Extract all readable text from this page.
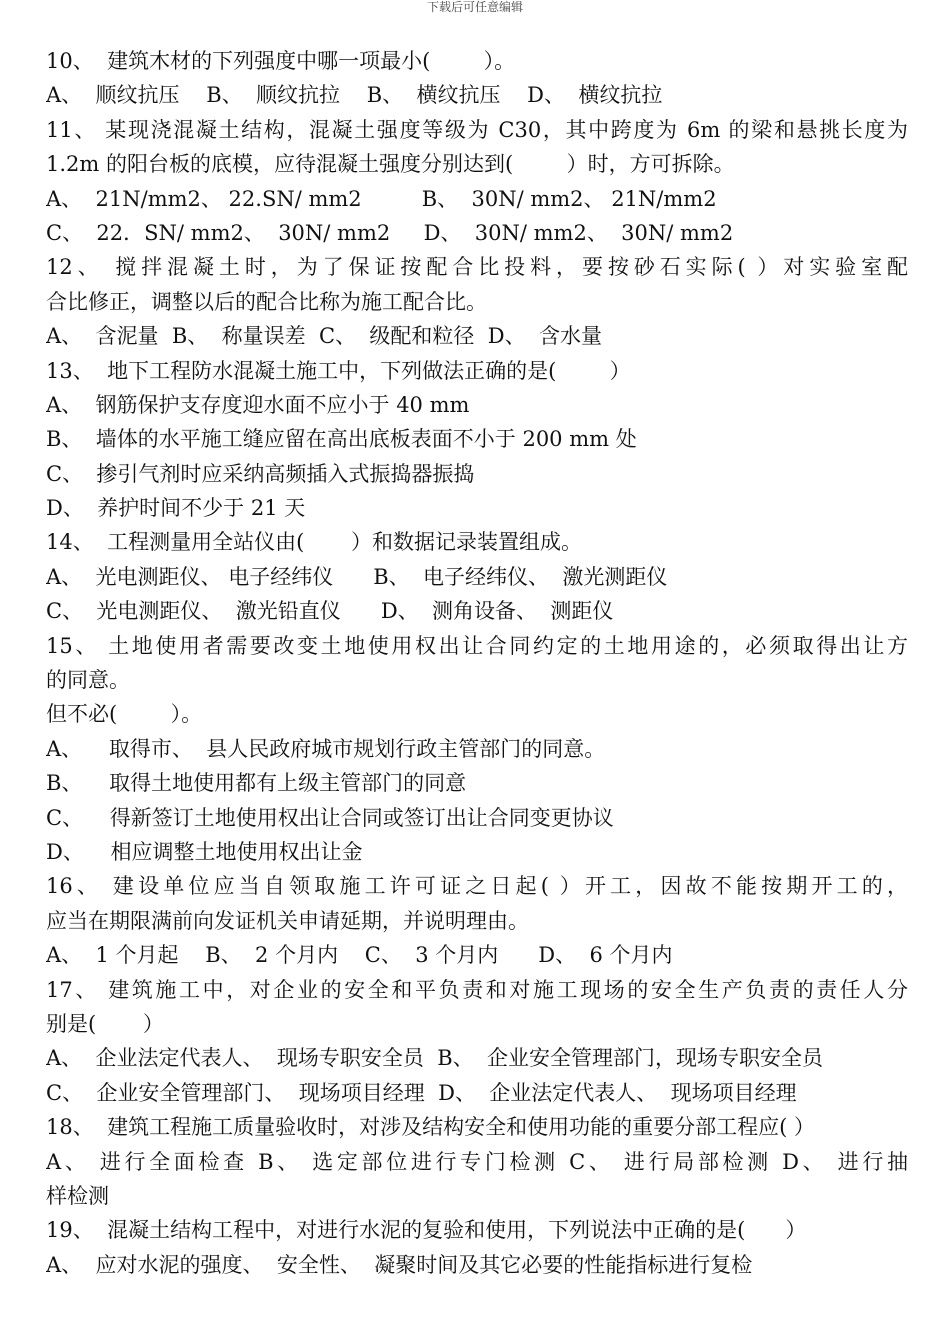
下载后可任意编辑
10、  建筑木材的下列强度中哪一项最小(        ）。
A、  顺纹抗压    B、  顺纹抗拉    B、  横纹抗压    D、  横纹抗拉
11、 某现浇混凝土结构，混凝土强度等级为 C30，其中跨度为 6m 的梁和悬挑长度为
1.2m 的阳台板的底模，应待混凝土强度分别达到(        ）时，方可拆除。
A、  21N/mm2、 22.SN/ mm2         B、  30N/ mm2、 21N/mm2
C、  22．SN/ mm2、  30N/ mm2     D、  30N/ mm2、  30N/ mm2
12、 搅拌混凝土时，为了保证按配合比投料，要按砂石实际( ）对实验室配
合比修正，调整以后的配合比称为施工配合比。
A、  含泥量  B、  称量误差  C、  级配和粒径  D、  含水量
13、  地下工程防水混凝土施工中，下列做法正确的是(        ）
A、  钢筋保护支存度迎水面不应小于 40 mm
B、  墙体的水平施工缝应留在高出底板表面不小于 200 mm 处
C、  掺引气剂时应采纳高频插入式振捣器振捣
D、  养护时间不少于 21 天
14、  工程测量用全站仪由(       ）和数据记录装置组成。
A、  光电测距仪、 电子经纬仪      B、  电子经纬仪、  激光测距仪
C、  光电测距仪、  激光铅直仪      D、  测角设备、  测距仪
15、 土地使用者需要改变土地使用权出让合同约定的土地用途的，必须取得出让方
的同意。
但不必(        ）。
A、    取得市、  县人民政府城市规划行政主管部门的同意。
B、    取得土地使用都有上级主管部门的同意
C、    得新签订土地使用权出让合同或签订出让合同变更协议
D、    相应调整土地使用权出让金
16、 建设单位应当自领取施工许可证之日起( ）开工，因故不能按期开工的，
应当在期限满前向发证机关申请延期，并说明理由。
A、  1 个月起    B、  2 个月内    C、  3 个月内      D、  6 个月内
17、 建筑施工中，对企业的安全和平负责和对施工现场的安全生产负责的责任人分
别是(       ）
A、  企业法定代表人、  现场专职安全员  B、  企业安全管理部门，现场专职安全员
C、  企业安全管理部门、  现场项目经理  D、  企业法定代表人、  现场项目经理
18、  建筑工程施工质量验收时，对涉及结构安全和使用功能的重要分部工程应( ）
A、 进行全面检查 B、 选定部位进行专门检测 C、 进行局部检测 D、 进行抽
样检测
19、  混凝土结构工程中，对进行水泥的复验和使用，下列说法中正确的是(      ）
A、  应对水泥的强度、  安全性、  凝聚时间及其它必要的性能指标进行复检
